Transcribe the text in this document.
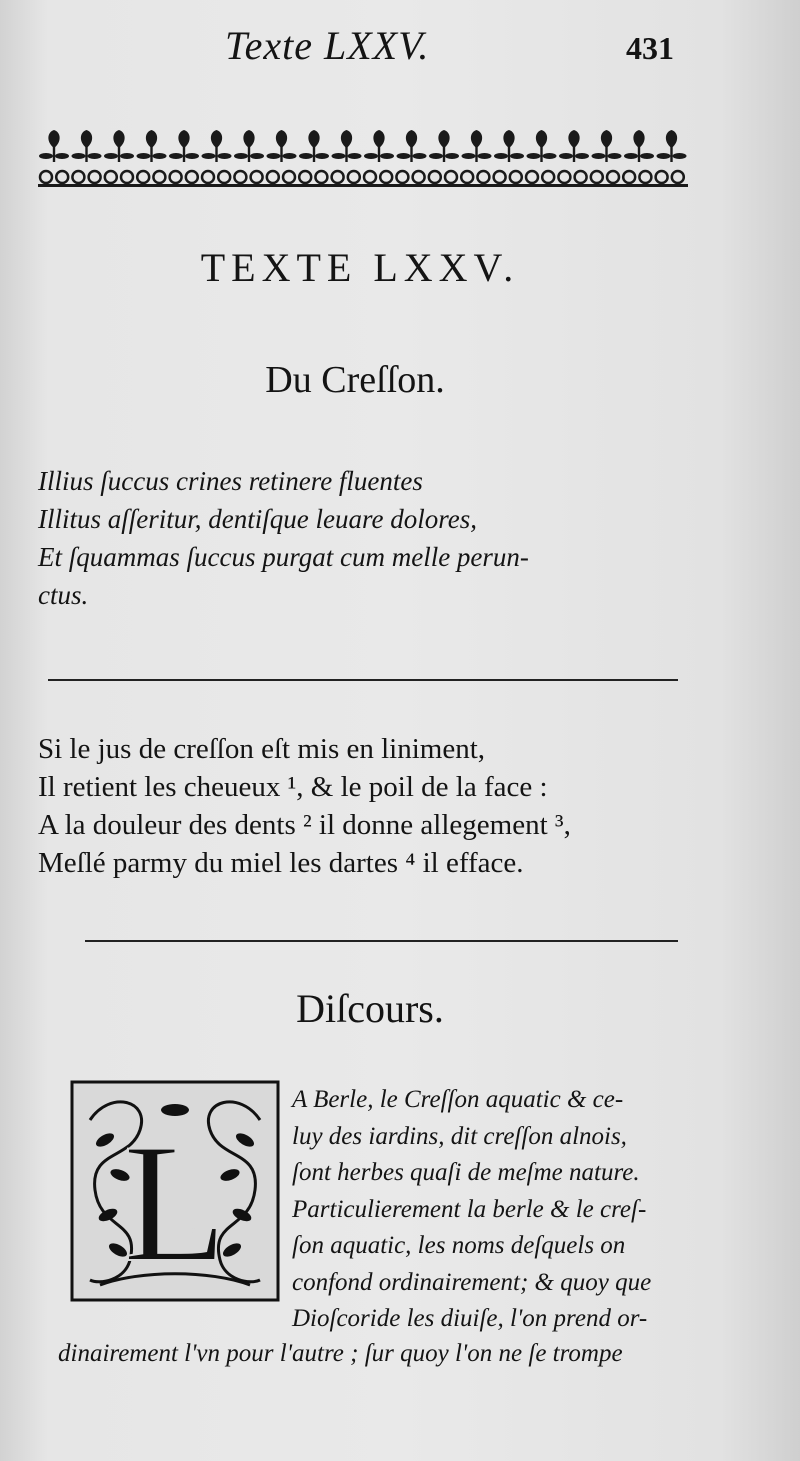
Texte LXXV.	431
TEXTE LXXV.
Du Creſſon.
Illius ſuccus crines retinere fluentes
Illitus aſſeritur, dentiſque leuare dolores,
Et ſquammas ſuccus purgat cum melle perun-
ctus.
Si le jus de creſſon eſt mis en liniment,
Il retient les cheueux ¹, & le poil de la face :
A la douleur des dents ² il donne allegement ³,
Meſlé parmy du miel les dartes ⁴ il efface.
Diſcours.
L
A Berle, le Creſſon aquatic & ce-
luy des iardins, dit creſſon alnois,
ſont herbes quaſi de meſme nature.
Particulierement la berle & le creſ-
ſon aquatic, les noms deſquels on
confond ordinairement; & quoy que
Dioſcoride les diuiſe, l'on prend or-
dinairement l'vn pour l'autre ; ſur quoy l'on ne ſe trompe
